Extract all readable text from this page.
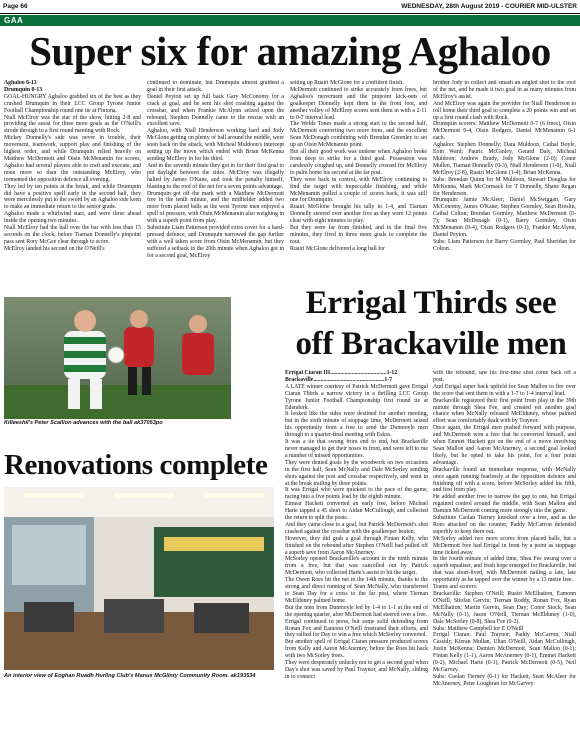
Page 66	WEDNESDAY, 28th August 2019 - COURIER MID-ULSTER
GAA
Super six for amazing Aghaloo

Aghaloo 6-13

Drumquin 0-13

GOAL-HUNGRY Aghaloo grabbed six of the best as they crushed Drumquin in their LCC Group Tyrone Junior Football Championship round one tie at Fintona.

Niall McElroy was the star of the show, hitting 2-8 and providing the assist for three more goals as the O'Neill's strode through to a first round meeting with Rock.

Mickey Donnelly's side was never in trouble, their movement, teamwork, support play and finishing of the highest order, and while Drumquin relied heavily on Matthew McDermott and Oisin McMenamin for scores, Aghaloo had several players able to craft and execute, and none more so than the outstanding McElroy, who tormented the opposition defence all evening.

They led by ten points at the break, and while Drumquin did have a positive spell early in the second half, they were mercilessly put to the sword by an Aghaloo side keen to make an immediate return to the senior grade.

Aghaloo made a whirlwind start, and were three ahead inside the opening two minutes.

Niall McElroy had the ball over the bar with less than 15 seconds on the clock, before Tiarnan Donnelly's pinpoint pass sent Rory McGee clear through to score.

McElroy landed his second on the O'Neill's

continued to dominate, but Drumquin almost grabbed a goal in their first attack.

Daniel Peyton set up full back Gary McConomy for a crack at goal, and he sent his shot crashing against the crossbar, and when Frankie McAlynn seized upon the rebound, Stephen Donnelly came to the rescue with an excellent save.

Aghaloo, with Niall Henderson working hard and Jody McGlone getting on plenty of ball around the middle, were soon back on the attack, with Micheal Muldoon's intercept setting up the move which ended with Brian McKenna sending McElroy in for his third.

And in the seventh minute they got in for their first goal to put daylight between the sides. McElroy was illegally halted by James O'Kane, and took the penalty himself, blasting to the roof of the net for a seven points advantage.

Drumquin got off the mark with a Matthew McDermott free in the tenth minute, and the midfielder added two more from placed balls as the west Tyrone men enjoyed a spell of pressure, with Oisin McMenamin also weighing in with a superb point from play.

Substitute Liam Patterson provided extra cover for a hard-pressed defence, and Drumquin narrowed the gap further with a well taken score from Oisin McMenamin, but they suffered a setback in the 20th minute when Aghaloo got in for a second goal, McElroy

setting up Ruairi McGlone for a confident finish.

McDermott continued to strike accurately from frees, but Aghaloo's movement and the pinpoint kick-outs of goalkeeper Donnelly kept them in the front foot, and another volley of McElroy scores sent them in with a 2-11 to 0-7 interval lead.

The Welds Tones made a strong start to the second half, McDermott converting two more frees, and the excellent Sean McDonagh combining with Brendan Greenley to set up an Oisin McMenamin point.

But all their good work was undone when Aghaloo broke from deep to strike for a third goal. Possession was carelessly coughed up, and Donnelly crossed for McElroy to palm home his second at the far post.

They were back in control, with McElroy continuing to find the target with impeccable finishing, and while McMenamin pulled a couple of scores back, it was still one for Drumquin.

Ruairi McGlone brought his tally to 1-4, and Tiarnan Donnelly steered over another five as they were 12 points clear with eight minutes to play.

But they were far from finished, and in the final five minutes, they fired in three more goals to complete the rout.

Ruairi McGlone delivered a long ball for

brother Jody to collect and smash an angled shot to the roof of the net, and he made it two goal in as many minutes from McElroy's assist.

And McElroy was again the provider for Niall Henderson to roll home their third goal to complete a 20 points win and set up a first round clash with Rock.

Drumquin scorers: Matthew McDermott 0-7 (6 frees), Oisin McDermott 0-4, Oisin Rodgers, Daniel McMenamin 0-1 each.

Aghaloo: Stephen Donnelly; Dara Muldoon, Cathal Boyle, Eoin Ward; Pauric McGinley, Gerard Daly, Micheal Muldoon; Andrew Brady, Jody McGlone (2-0); Conor Mullen, Tiarnan Donnelly (0-3), Niall Henderson (1-0), Niall McElroy (2-8), Ruairi McGlone (1-4), Brian McKenna.

Subs: Brendan Quinn for M Muldoon, Stewart Douglas for McKenna, Mark McCormack for T Donnelly, Shane Regan for Henderson.

Drumquin: Jamie McAleer; Daniel McSwiggan, Gary McConomy, James O'Kane; Stephen Gormley, Sean Breslin, Cathal Colton; Brendan Gormley, Matthew McDermott (0-7); Sean McDonagh (0-1), Barry Gormley, Oisin McMenamin (0-4), Oisin Rodgers (0-1), Frankie McAlynn, Daniel Peyton.

Subs: Liam Patterson for Barry Gormley, Paul Sheridan for Colton.

Killeeshil's Peter Scallion advances with the ball ak37053po
Renovations complete
An interior view of Eoghan Ruadh Hurling Club's Manus McGlinty Community Room. ak193534
Errigal Thirds see off Brackaville men

Errigal Ciaran III.......................................1-12

Brackaville.................................................1-7

A LATE winner courtesy of Patrick McDermott gave Errigal Ciaran Thirds a narrow victory in a thrilling LCC Group Tyrone Junior Football Championship first round tie at Edendork.

It looked like the sides were destined for another meeting, but in the sixth minute of stoppage time, McDermott seized his opportunity from a free to send the Dunmoyle men through to a quarter-final meeting with Eskra.

It was a tie that swung from end to end, but Brackaville never managed to get their noses in front, and were left to rue a number of missed opportunities.

They were denied goals by the woodwork on two occasions in the first half, Sean McNally and Dale McSorley sending shots against the post and crossbar respectively, and went in at the break trailing by three points.

It was Errigal who were quickest to the pace of the game, racing into a five points lead by the eighth minute.

Eimear Hackett converted an early free, before Michael Harte tapped a 45 short to Aidan McCullough, and collected the return to split the posts.

And they came close to a goal, but Patrick McDermott's shot crashed against the crossbar with the goalkeeper beaten.

However, they did grab a goal through Fintan Kelly, who finished on the rebound after Stephen O'Neill had pulled off a superb save from Aaron McAnerney.

McSorley opened Brackaville's account in the ninth minute from a free, but that was cancelled out by Patrick McDermott, who collected Harte's assist to hit the target.

The Owen Roes hit the net in the 14th minute, thanks to the strong and direct running of Sean McNally, who transferred to Sean Day for a cross to the far post, where Tiernan McElduney palmed home.

But the men from Dunmoyle led by 1-4 to 1-1 at the end of the opening quarter, after McDermott had steered over a free.

Errigal continued to press, but some solid defending from Ronan Fox and Eamonn O'Neill frustrated their efforts, and they rallied for Day to win a free which McSorley converted.

But another spell of Errigal Ciaran pressure produced scores from Kelly and Aaron McAnerney, before the Roes hit back with two McSorley frees.

They were desperately unlucky not to get a second goal when Day's shot was saved by Paul Traynor, and McNally, sliding in to connect

with the rebound, saw his first-time shot come back off a post.

And Errigal super back upfield for Sean Mallon to fire over the score that sent them in with a 1-7 to 1-4 interval lead.

Brackaville registered their first point from play in the 39th minute through Shea Fee, and created yet another goal chance when McNally released McElduney, whose palmed effort was comfortably dealt with by Traynor.

Once again, the Errigal men pushed forward with purpose, and McDermott won a free that he converted himself, and when Emmet Hackett got on the end of a move involving Sean Mallon and Aaron McAnerney, a second goal looked likely, but he opted to take his point, for a four point advantage.

Brackaville found an immediate response, with McNally once again running fearlessly at the opposition defence and finishing off with a score, before McSorley added his fifth, and first from play.

He added another free to narrow the gap to one, but Errigal regained control around the middle, with Sean Mallon and Damien McDermott coming more strongly into the game.

Substitute Caolan Tierney knocked over a free, and as the Roes attacked on the counter, Paddy McCarron defended superbly to keep them out.

McSorley added two more scores from placed balls, but a McDermott free had Errigal in front by a point as stoppage time ticked away.

In the fourth minute of added time, Shea Fee swung over a superb equaliser, and fresh hope emerged for Brackaville, but that was short-lived, with McDermott nailing a late, late opportunity as he tapped over the winner by a 13 metre free.

Teams and scorers:

Brackaville: Stephen O'Neill; Ruairi McElhatton, Eamonn O'Neill, Stiofan Gervin; Tiernan Roddy, Ronan Fox, Ryan McElhatton; Martin Gervin, Sean Day; Conor Stock, Sean McNally (0-1), Jason O'Neill, Tiernan McElduney (1-0), Dale McSorley (0-8), Shea Fee (0-2).

Subs: Matthew Campbell for E O'Neill

Errigal Ciaran: Paul Traynor; Paddy McCarron, Niall Cassidy, Kieran Mullan, Ultan O'Neill, Aidan McCullough, Justin McKenna; Damien McDermott, Sean Mallon (0-1); Fintan Kelly (1-1), Aaron McAnerney (0-1), Emmet Hackett (0-2), Michael Harte (0-1), Patrick McDermott (0-5), Neil McGarvey.

Subs: Caolan Tierney (0-1) for Hackett, Sean McAleer for McAnerney, Peter Loughran for McGarvey
